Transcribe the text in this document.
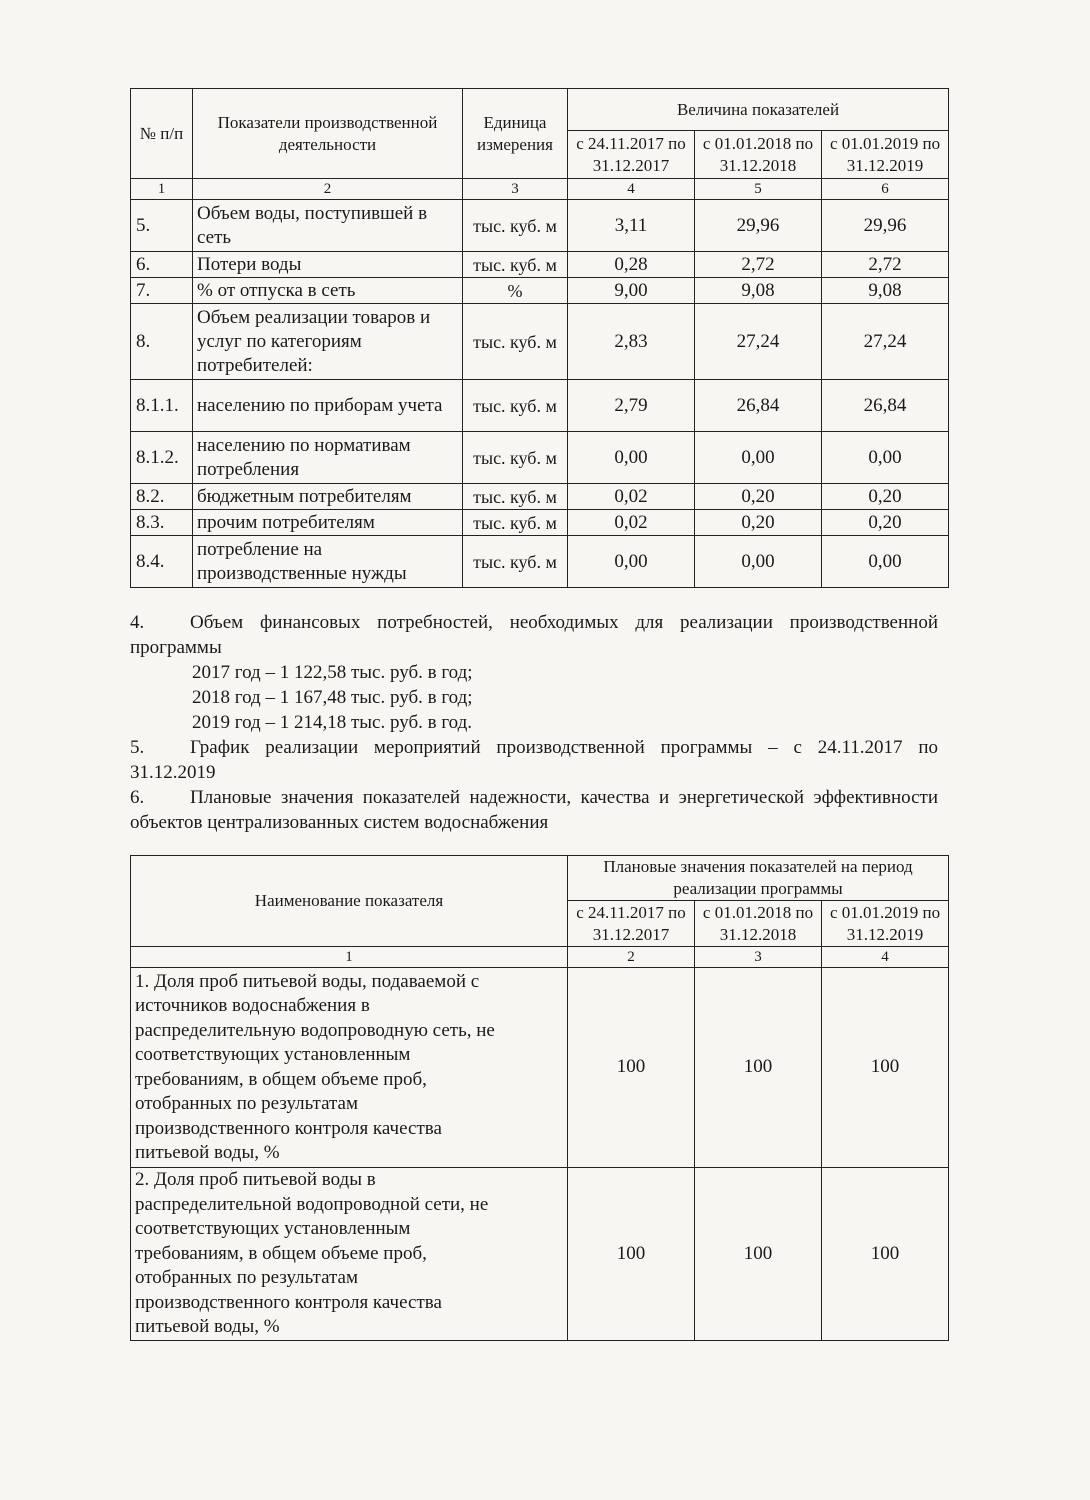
№ п/п	Показатели производственной деятельности	Единица измерения	Величина показателей		
			с 24.11.2017 по 31.12.2017	с 01.01.2018 по 31.12.2018	с 01.01.2019 по 31.12.2019
1	2	3	4	5	6
5.	Объем воды, поступившей в сеть	тыс. куб. м	3,11	29,96	29,96
6.	Потери воды	тыс. куб. м	0,28	2,72	2,72
7.	% от отпуска в сеть	%	9,00	9,08	9,08
8.	Объем реализации товаров и услуг по категориям потребителей:	тыс. куб. м	2,83	27,24	27,24
8.1.1.	населению по приборам учета	тыс. куб. м	2,79	26,84	26,84
8.1.2.	населению по нормативам потребления	тыс. куб. м	0,00	0,00	0,00
8.2.	бюджетным потребителям	тыс. куб. м	0,02	0,20	0,20
8.3.	прочим потребителям	тыс. куб. м	0,02	0,20	0,20
8.4.	потребление на производственные нужды	тыс. куб. м	0,00	0,00	0,00
4.	Объем финансовых потребностей, необходимых для реализации производственной программы
2017 год – 1 122,58 тыс. руб. в год;
2018 год – 1 167,48 тыс. руб. в год;
2019 год – 1 214,18 тыс. руб. в год.
5.	График реализации мероприятий производственной программы – с 24.11.2017 по 31.12.2019
6.	Плановые значения показателей надежности, качества и энергетической эффективности объектов централизованных систем водоснабжения
Наименование показателя	Плановые значения показателей на период реализации программы		
	с 24.11.2017 по 31.12.2017	с 01.01.2018 по 31.12.2018	с 01.01.2019 по 31.12.2019
1	2	3	4
1. Доля проб питьевой воды, подаваемой с источников водоснабжения в распределительную водопроводную сеть, не соответствующих установленным требованиям, в общем объеме проб, отобранных по результатам производственного контроля качества питьевой воды, %	100	100	100
2. Доля проб питьевой воды в распределительной водопроводной сети, не соответствующих установленным требованиям, в общем объеме проб, отобранных по результатам производственного контроля качества питьевой воды, %	100	100	100
